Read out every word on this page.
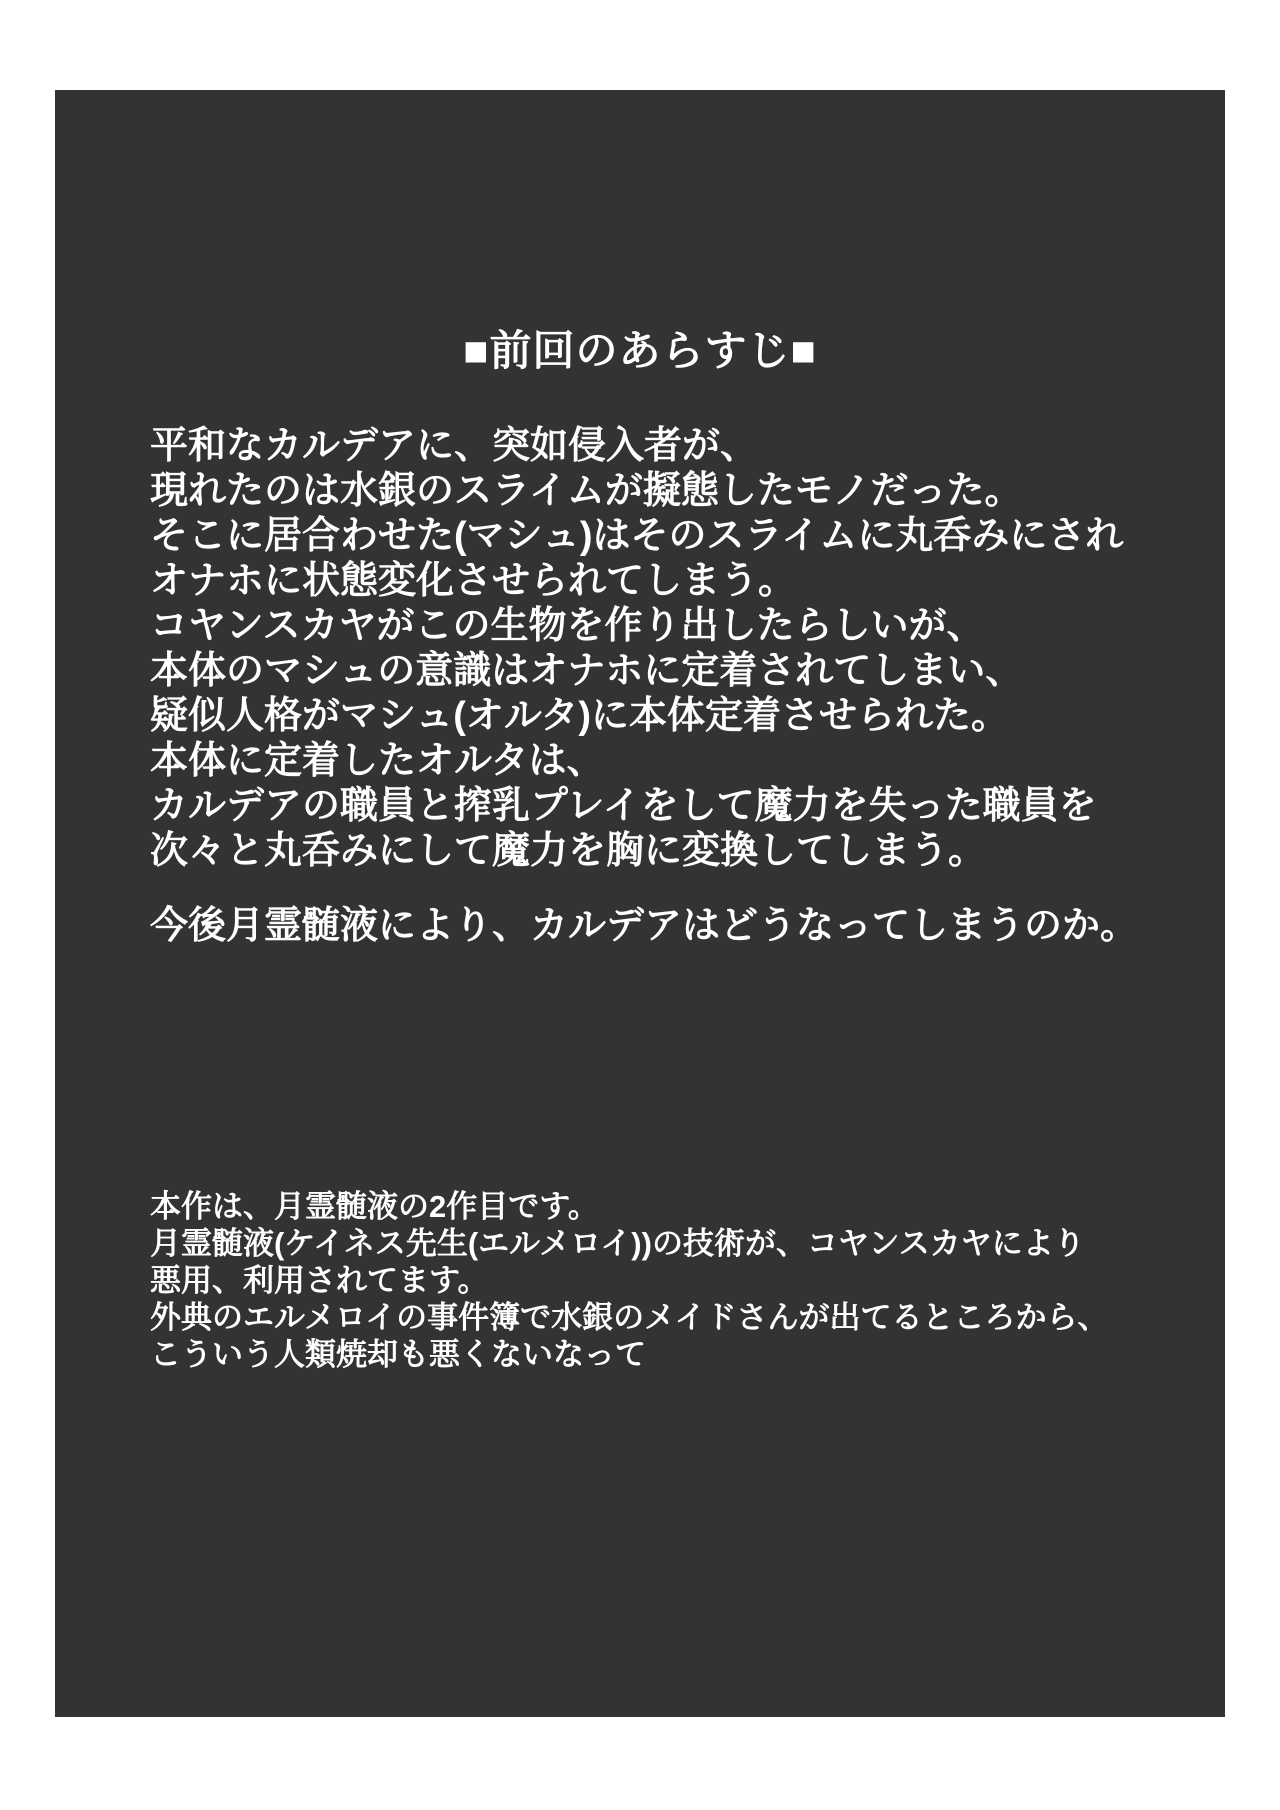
■前回のあらすじ■
平和なカルデアに、突如侵入者が、
現れたのは水銀のスライムが擬態したモノだった。
そこに居合わせた(マシュ)はそのスライムに丸呑みにされ
オナホに状態変化させられてしまう。
コヤンスカヤがこの生物を作り出したらしいが、
本体のマシュの意識はオナホに定着されてしまい、
疑似人格がマシュ(オルタ)に本体定着させられた。
本体に定着したオルタは、
カルデアの職員と搾乳プレイをして魔力を失った職員を
次々と丸呑みにして魔力を胸に変換してしまう。
今後月霊髄液により、カルデアはどうなってしまうのか。
本作は、月霊髄液の2作目です。
月霊髄液(ケイネス先生(エルメロイ))の技術が、コヤンスカヤにより
悪用、利用されてます。
外典のエルメロイの事件簿で水銀のメイドさんが出てるところから、
こういう人類焼却も悪くないなって
